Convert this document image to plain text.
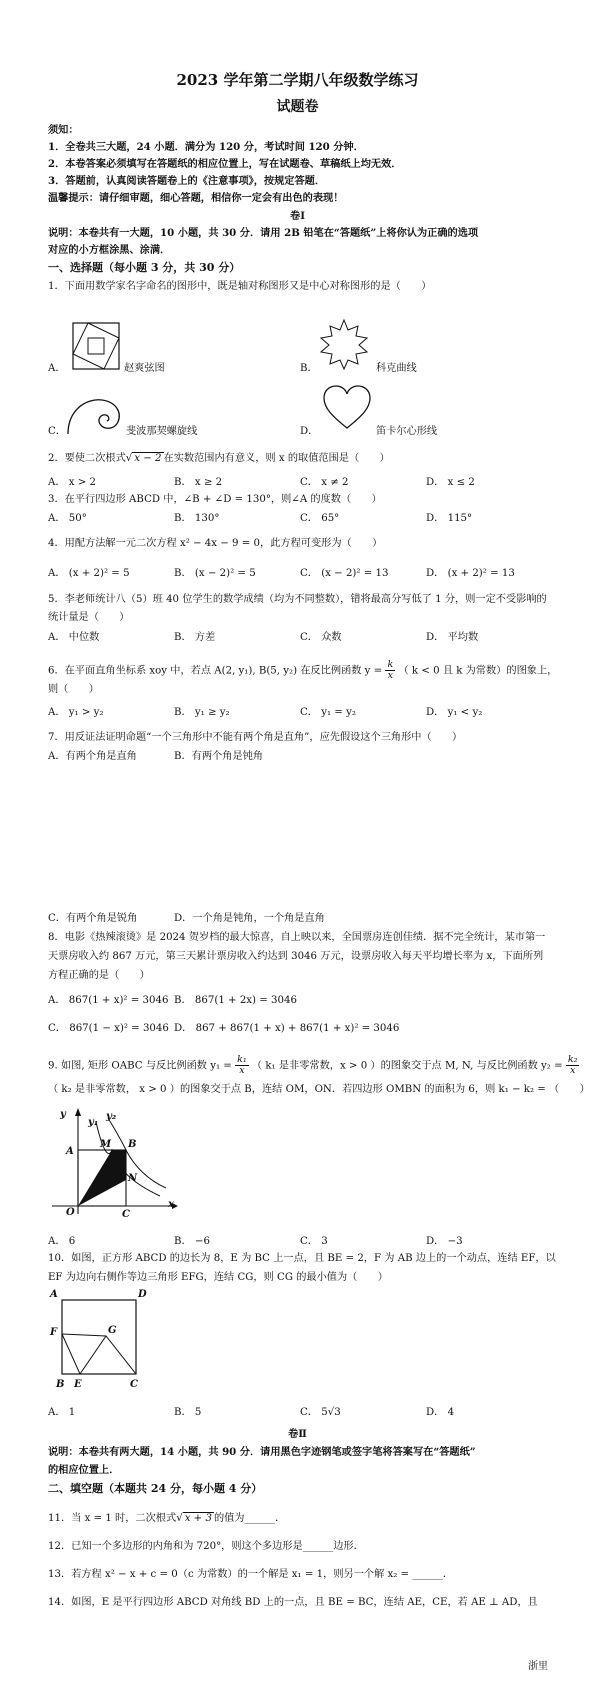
2023 学年第二学期八年级数学练习
试题卷
须知：
1．全卷共三大题，24 小题．满分为 120 分，考试时间 120 分钟．
2．本卷答案必须填写在答题纸的相应位置上，写在试题卷、草稿纸上均无效．
3．答题前，认真阅读答题卷上的《注意事项》，按规定答题．
温馨提示：请仔细审题，细心答题，相信你一定会有出色的表现！
卷Ⅰ
说明：本卷共有一大题，10 小题，共 30 分．请用 2B 铅笔在“答题纸”上将你认为正确的选项
对应的小方框涂黑、涂满．
一、选择题（每小题 3 分，共 30 分）
1．下面用数学家名字命名的图形中，既是轴对称图形又是中心对称图形的是（　　）
A．	赵爽弦图	B．	科克曲线
C．	斐波那契螺旋线	D．	笛卡尔心形线
2．要使二次根式√ x − 2 在实数范围内有意义，则 x 的取值范围是（　　）
A． x > 2	B． x ≥ 2	C． x ≠ 2	D． x ≤ 2
3．在平行四边形 ABCD 中，∠B + ∠D = 130°，则∠A 的度数（　　）
A． 50°	B． 130°	C． 65°	D． 115°
4．用配方法解一元二次方程 x² − 4x − 9 = 0，此方程可变形为（　　）
A． (x + 2)² = 5	B． (x − 2)² = 5	C． (x − 2)² = 13	D． (x + 2)² = 13
5．李老师统计八（5）班 40 位学生的数学成绩（均为不同整数），错将最高分写低了 1 分，则一定不受影响的
统计量是（　　）
A． 中位数	B． 方差	C． 众数	D． 平均数
6．在平面直角坐标系 xoy 中，若点 A(2, y₁), B(5, y₂) 在反比例函数 $y = \frac{k}{x}$ （ k < 0 且 k 为常数）的图象上，
则（　　）
A． y₁ > y₂	B． y₁ ≥ y₂	C． y₁ = y₂	D． y₁ < y₂
7．用反证法证明命题“一个三角形中不能有两个角是直角”，应先假设这个三角形中（　　）
A．有两个角是直角	B．有两个角是钝角
C．有两个角是锐角	D．一个角是钝角，一个角是直角
8．电影《热辣滚烫》是 2024 贺岁档的最大惊喜，自上映以来，全国票房连创佳绩．据不完全统计，某市第一
天票房收入约 867 万元，第三天累计票房收入约达到 3046 万元，设票房收入每天平均增长率为 x，下面所列
方程正确的是（　　）
A． 867(1 + x)² = 3046 B． 867(1 + 2x) = 3046
C． 867(1 − x)² = 3046 D． 867 + 867(1 + x) + 867(1 + x)² = 3046
9. 如图, 矩形 OABC 与反比例函数 $y_1 = \frac{\text{k₁}}{x}$ （ k₁ 是非零常数，x > 0 ）的图象交于点 M, N, 与反比例函数 $y_2 = \frac{\text{k₂}}{x}$
（ k₂ 是非零常数， x > 0 ）的图象交于点 B，连结 OM，ON．若四边形 OMBN 的面积为 6，则 k₁ − k₂ = （　　）
y
y₁
y₂
A
M B
N
O	C
x
A． 6	B． −6	C． 3	D． −3
10．如图，正方形 ABCD 的边长为 8，E 为 BC 上一点，且 BE = 2，F 为 AB 边上的一个动点，连结 EF，以
EF 为边向右侧作等边三角形 EFG，连结 CG，则 CG 的最小值为（　　）
A	D
F	G
B E	C
A． 1	B． 5	C． 5√3	D． 4
卷Ⅱ
说明：本卷共有两大题，14 小题，共 90 分．请用黑色字迹钢笔或签字笔将答案写在“答题纸”
的相应位置上．
二、填空题（本题共 24 分，每小题 4 分）
11．当 x = 1 时，二次根式√ x + 3 的值为______．
12．已知一个多边形的内角和为 720°，则这个多边形是______边形．
13．若方程 x² − x + c = 0（c 为常数）的一个解是 x₁ = 1，则另一个解 x₂ = ______．
14．如图，E 是平行四边形 ABCD 对角线 BD 上的一点，且 BE = BC，连结 AE，CE，若 AE ⊥ AD，且
浙里
